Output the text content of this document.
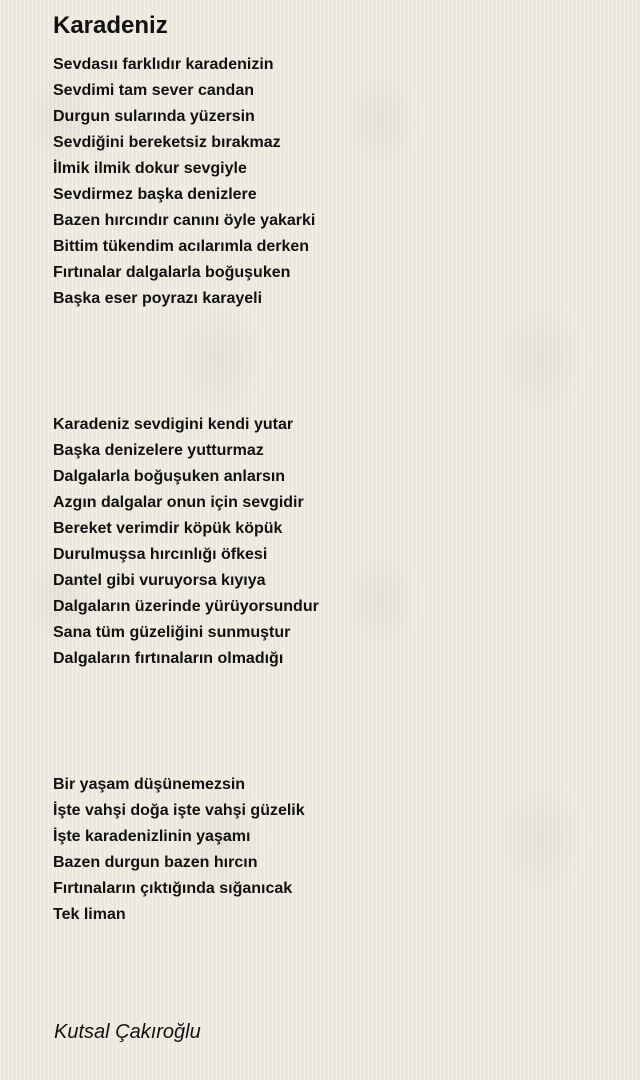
Karadeniz
Sevdasıı farklıdır karadenizin
Sevdimi tam sever candan
Durgun sularında yüzersin
Sevdiğini bereketsiz bırakmaz
İlmik ilmik dokur sevgiyle
Sevdirmez başka denizlere
Bazen hırcındır canını öyle yakarki
Bittim tükendim acılarımla derken
Fırtınalar dalgalarla boğuşuken
Başka eser poyrazı karayeli
Karadeniz sevdigini kendi yutar
Başka denizelere yutturmaz
Dalgalarla boğuşuken anlarsın
Azgın dalgalar onun için sevgidir
Bereket verimdir köpük köpük
Durulmuşsa hırcınlığı öfkesi
Dantel gibi vuruyorsa kıyıya
Dalgaların üzerinde yürüyorsundur
Sana tüm güzeliğini sunmuştur
Dalgaların fırtınaların olmadığı
Bir yaşam düşünemezsin
İşte vahşi doğa işte vahşi güzelik
İşte karadenizlinin yaşamı
Bazen durgun bazen hırcın
Fırtınaların çıktığında sığanıcak
Tek liman
Kutsal Çakıroğlu
